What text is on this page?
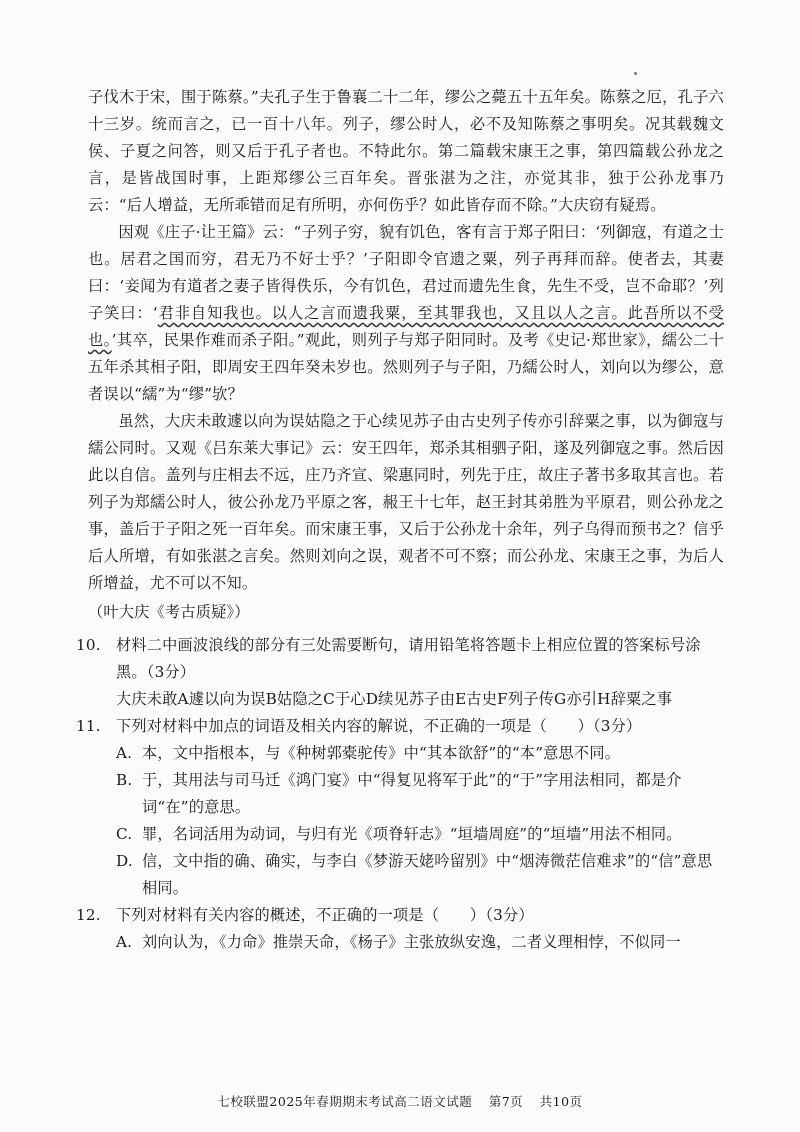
子伐木于宋，围于陈蔡。”夫孔子生于鲁襄二十二年，缪公之薨五十五年矣。陈蔡之厄，孔子六十三岁。统而言之，已一百十八年。列子，缪公时人，必不及知陈蔡之事明矣。况其载魏文侯、子夏之问答，则又后于孔子者也。不特此尔。第二篇载宋康王之事，第四篇载公孙龙之言，是皆战国时事，上距郑缪公三百年矣。晋张湛为之注，亦觉其非，独于公孙龙事乃云：“后人增益，无所乖错而足有所明，亦何伤乎？如此皆存而不除。”大庆窃有疑焉。

因观《庄子·让王篇》云：“子列子穷，貌有饥色，客有言于郑子阳曰：‘列御寇，有道之士也。居君之国而穷，君无乃不好士乎？’子阳即令官遗之粟，列子再拜而辞。使者去，其妻曰：‘妾闻为有道者之妻子皆得佚乐，今有饥色，君过而遗先生食，先生不受，岂不命耶？’列子笑曰：‘君非自知我也。以人之言而遗我粟，至其罪我也，又且以人之言。此吾所以不受也。’其卒，民果作难而杀子阳。”观此，则列子与郑子阳同时。及考《史记·郑世家》，繻公二十五年杀其相子阳，即周安王四年癸未岁也。然则列子与子阳，乃繻公时人，刘向以为缪公，意者误以“繻”为“缪”欤？

虽然，大庆未敢遽以向为误姑隐之于心续见苏子由古史列子传亦引辞粟之事，以为御寇与繻公同时。又观《吕东莱大事记》云：安王四年，郑杀其相驷子阳，遂及列御寇之事。然后因此以自信。盖列与庄相去不远，庄乃齐宣、梁惠同时，列先于庄，故庄子著书多取其言也。若列子为郑繻公时人，彼公孙龙乃平原之客，赧王十七年，赵王封其弟胜为平原君，则公孙龙之事，盖后于子阳之死一百年矣。而宋康王事，又后于公孙龙十余年，列子乌得而预书之？信乎后人所增，有如张湛之言矣。然则刘向之误，观者不可不察；而公孙龙、宋康王之事，为后人所增益，尤不可以不知。

（叶大庆《考古质疑》）

10.	材料二中画波浪线的部分有三处需要断句，请用铅笔将答题卡上相应位置的答案标号涂黑。（3分）
大庆未敢A遽以向为误B姑隐之C于心D续见苏子由E古史F列子传G亦引H辞粟之事
11.	下列对材料中加点的词语及相关内容的解说，不正确的一项是（　　）（3分）
A. 本，文中指根本，与《种树郭橐驼传》中“其本欲舒”的“本”意思不同。
B. 于，其用法与司马迁《鸿门宴》中“得复见将军于此”的“于”字用法相同，都是介词“在”的意思。
C. 罪，名词活用为动词，与归有光《项脊轩志》“垣墙周庭”的“垣墙”用法不相同。
D. 信，文中指的确、确实，与李白《梦游天姥吟留别》中“烟涛微茫信难求”的“信”意思相同。
12.	下列对材料有关内容的概述，不正确的一项是（　　）（3分）
A. 刘向认为，《力命》推崇天命，《杨子》主张放纵安逸，二者义理相悖，不似同一
七校联盟2025年春期期末考试高二语文试题 第7页 共10页
